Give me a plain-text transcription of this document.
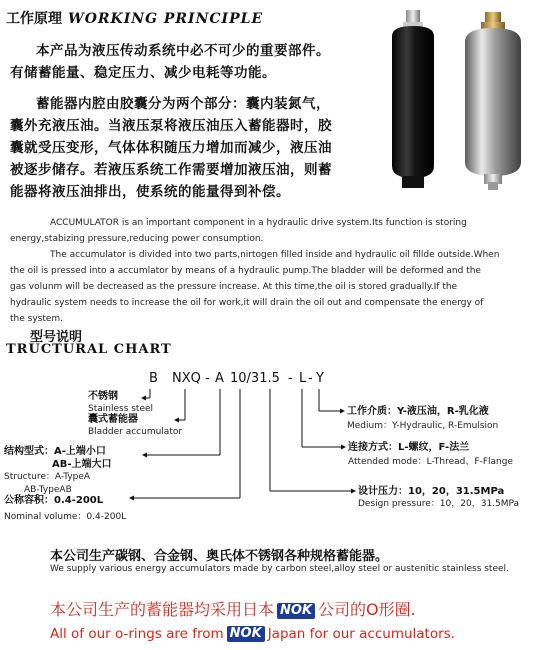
工作原理 WORKING PRINCIPLE

本产品为液压传动系统中必不可少的重要部件。

有储蓄能量、稳定压力、减少电耗等功能。

蓄能器内腔由胶囊分为两个部分：囊内装氮气，

囊外充液压油。当液压泵将液压油压入蓄能器时，胶

囊就受压变形，气体体积随压力增加而减少，液压油

被逐步储存。若液压系统工作需要增加液压油，则蓄

能器将液压油排出，使系统的能量得到补偿。

ACCUMULATOR is an important component in a hydraulic drive system.Its function is storing

energy,stabizing pressure,reducing power consumption.

The accumulator is divided into two parts,nirtogen filled inside and hydraulic oil fillde outside.When

the oil is pressed into a accumlator by means of a hydraulic pump.The bladder will be deformed and the

gas volunm will be decreased as the pressure increase. At this time,the oil is stored gradually.If the

hydraulic system needs to increase the oil for work,it will drain the oil out and compensate the energy of

the system.

型号说明
TRUCTURAL CHART
B NXQ - A 10/31.5 - L - Y
不锈钢
Stainless steel
囊式蓄能器
Bladder accumulator
结构型式：A-上端小口
AB-上端大口
Structure：A-TypeA
AB-TypeAB
公称容积：0.4-200L
Nominal volume：0.4-200L
工作介质：Y-液压油，R-乳化液
Medium：Y-Hydraulic, R-Emulsion
连接方式：L-螺纹，F-法兰
Attended mode：L-Thread、F-Flange
设计压力：10，20，31.5MPa
Design pressure：10，20，31.5MPa
本公司生产碳钢、合金钢、奥氏体不锈钢各种规格蓄能器。
We supply various energy accumulators made by carbon steel,alloy steel or austenitic stainless steel.
本公司生产的蓄能器均采用日本 NOK 公司的O形圈.
All of our o-rings are from NOK Japan for our accumulators.
